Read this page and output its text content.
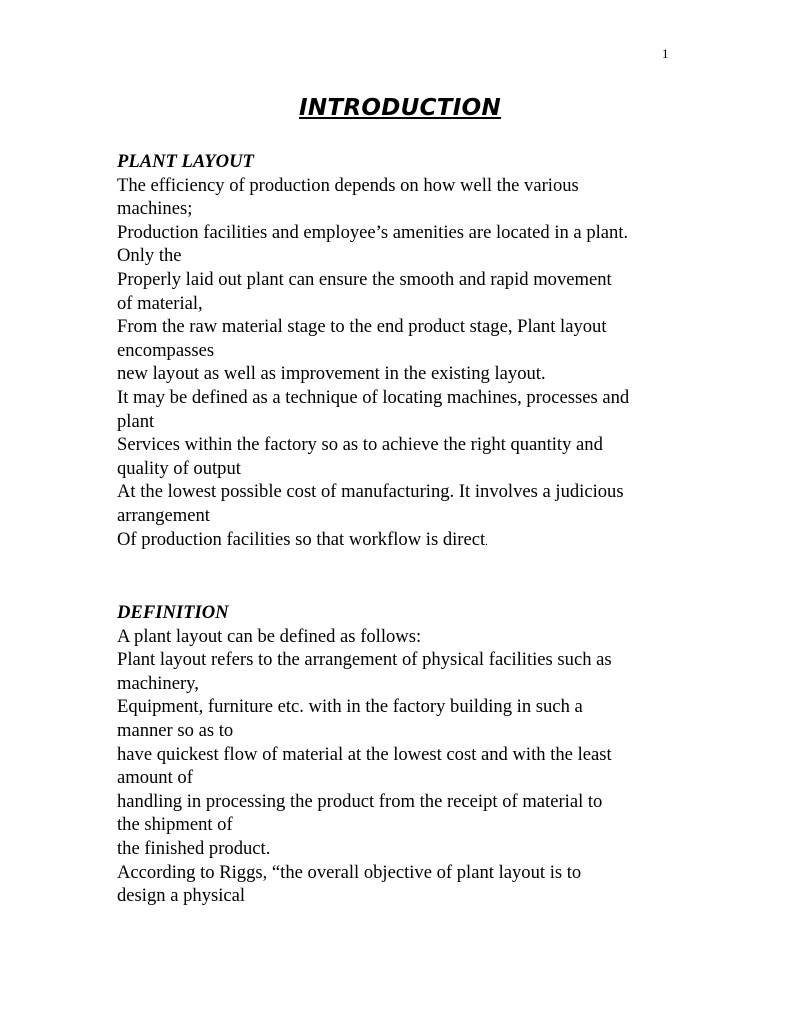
1
INTRODUCTION
PLANT LAYOUT
The efficiency of production depends on how well the various
machines;
Production facilities and employee’s amenities are located in a plant.
Only the
Properly laid out plant can ensure the smooth and rapid movement
of material,
From the raw material stage to the end product stage, Plant layout
encompasses
new layout as well as improvement in the existing layout.
It may be defined as a technique of locating machines, processes and
plant
Services within the factory so as to achieve the right quantity and
quality of output
At the lowest possible cost of manufacturing. It involves a judicious
arrangement
Of production facilities so that workflow is direct.
DEFINITION
A plant layout can be defined as follows:
Plant layout refers to the arrangement of physical facilities such as
machinery,
Equipment, furniture etc. with in the factory building in such a
manner so as to
have quickest flow of material at the lowest cost and with the least
amount of
handling in processing the product from the receipt of material to
the shipment of
the finished product.
According to Riggs, “the overall objective of plant layout is to
design a physical
